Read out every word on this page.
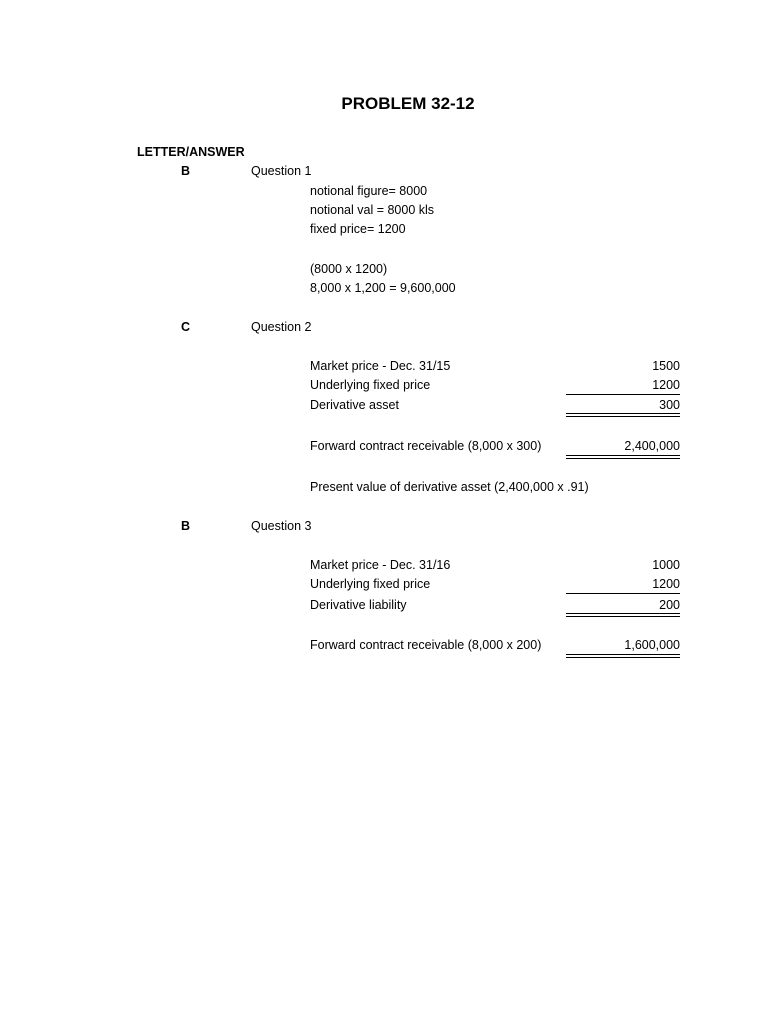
PROBLEM 32-12
LETTER/ANSWER
B	Question 1
notional figure= 8000
notional val = 8000 kls
fixed price= 1200
(8000 x 1200)
8,000 x 1,200 = 9,600,000
C	Question 2
Market price - Dec. 31/15	1500
Underlying fixed price	1200
Derivative asset	300
Forward contract receivable (8,000 x 300)	2,400,000
Present value of derivative asset (2,400,000 x .91)
B	Question 3
Market price - Dec. 31/16	1000
Underlying fixed price	1200
Derivative liability	200
Forward contract receivable (8,000 x 200)	1,600,000
